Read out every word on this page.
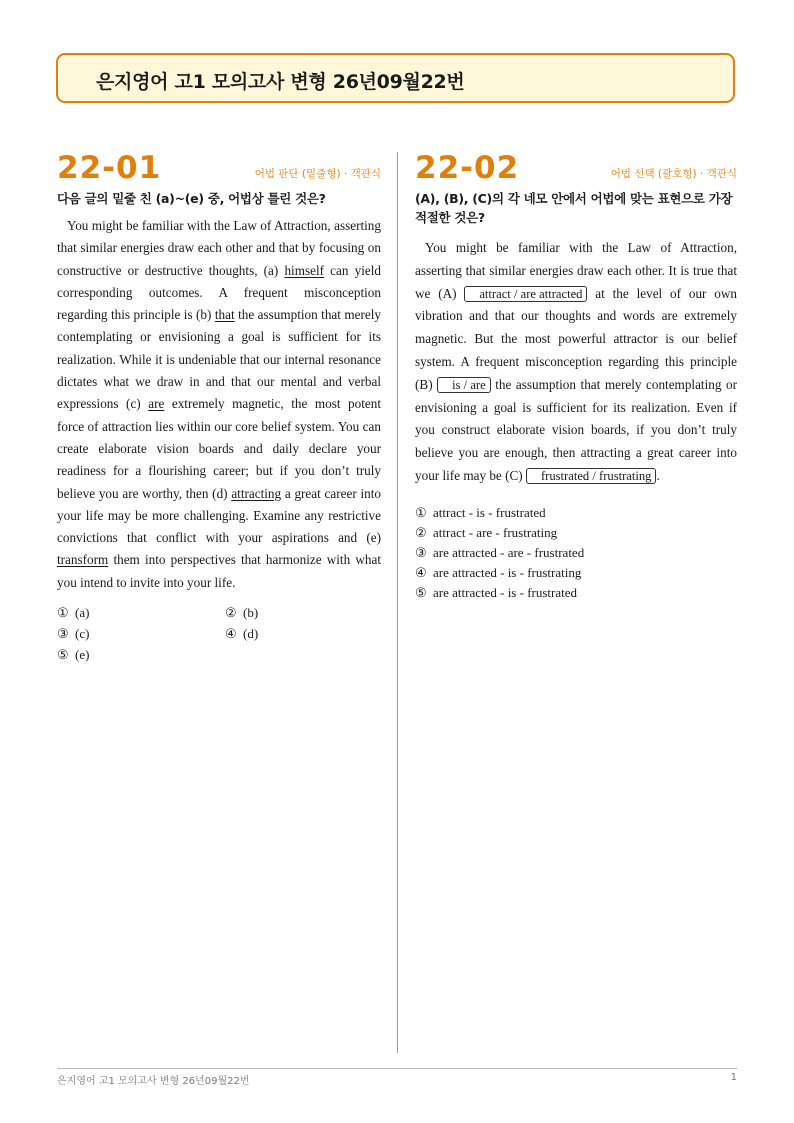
은지영어 고1 모의고사 변형 26년09월22번
22-01	어법 판단 (밑줄형) · 객관식
다음 글의 밑줄 친 (a)~(e) 중, 어법상 틀린 것은?
You might be familiar with the Law of Attraction, asserting that similar energies draw each other and that by focusing on constructive or destructive thoughts, (a) himself can yield corresponding outcomes. A frequent misconception regarding this principle is (b) that the assumption that merely contemplating or envisioning a goal is sufficient for its realization. While it is undeniable that our internal resonance dictates what we draw in and that our mental and verbal expressions (c) are extremely magnetic, the most potent force of attraction lies within our core belief system. You can create elaborate vision boards and daily declare your readiness for a flourishing career; but if you don’t truly believe you are worthy, then (d) attracting a great career into your life may be more challenging. Examine any restrictive convictions that conflict with your aspirations and (e) transform them into perspectives that harmonize with what you intend to invite into your life.
① (a)	② (b)
③ (c)	④ (d)
⑤ (e)
22-02	어법 선택 (괄호형) · 객관식
(A), (B), (C)의 각 네모 안에서 어법에 맞는 표현으로 가장 적절한 것은?
You might be familiar with the Law of Attraction, asserting that similar energies draw each other. It is true that we (A) attract / are attracted at the level of our own vibration and that our thoughts and words are extremely magnetic. But the most powerful attractor is our belief system. A frequent misconception regarding this principle (B) is / are the assumption that merely contemplating or envisioning a goal is sufficient for its realization. Even if you construct elaborate vision boards, if you don’t truly believe you are enough, then attracting a great career into your life may be (C) frustrated / frustrating .
① attract - is - frustrated
② attract - are - frustrating
③ are attracted - are - frustrated
④ are attracted - is - frustrating
⑤ are attracted - is - frustrated
은지영어 고1 모의고사 변형 26년09월22번	1
